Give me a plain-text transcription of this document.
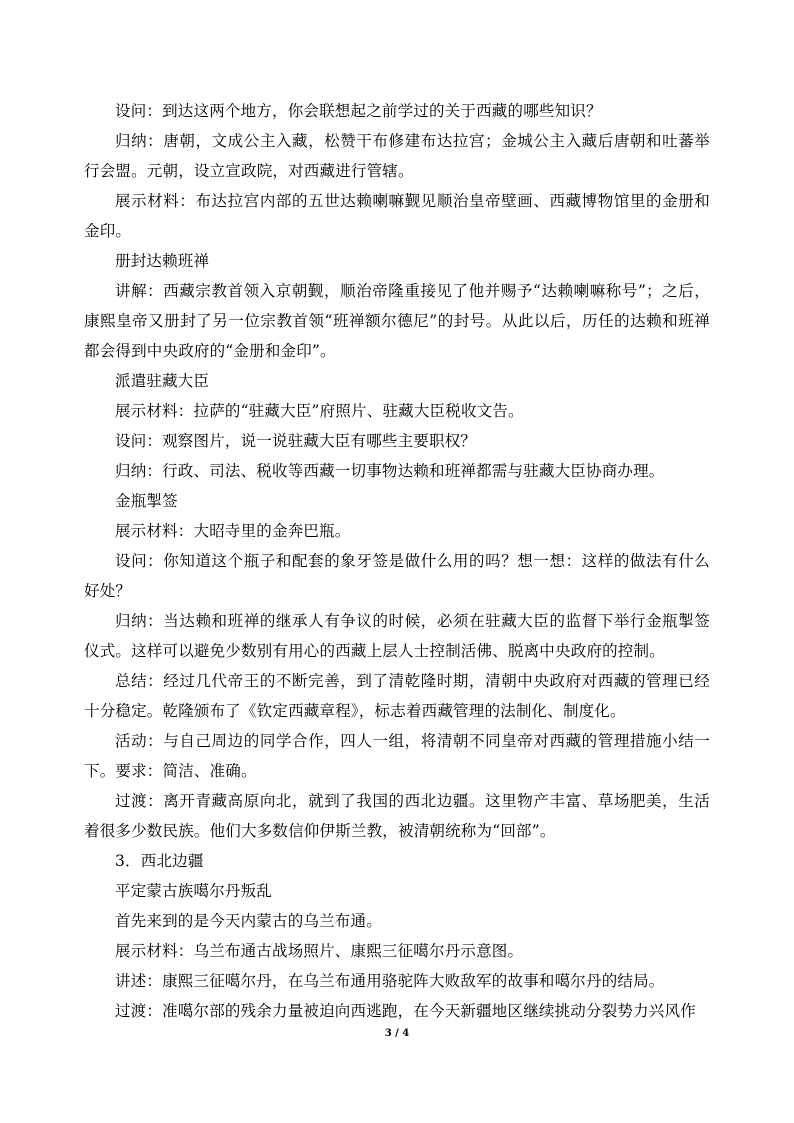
设问：到达这两个地方，你会联想起之前学过的关于西藏的哪些知识？

归纳：唐朝，文成公主入藏，松赞干布修建布达拉宫；金城公主入藏后唐朝和吐蕃举行会盟。元朝，设立宣政院，对西藏进行管辖。

展示材料：布达拉宫内部的五世达赖喇嘛觐见顺治皇帝壁画、西藏博物馆里的金册和金印。

册封达赖班禅

讲解：西藏宗教首领入京朝觐，顺治帝隆重接见了他并赐予“达赖喇嘛称号”；之后，康熙皇帝又册封了另一位宗教首领“班禅额尔德尼”的封号。从此以后，历任的达赖和班禅都会得到中央政府的“金册和金印”。

派遣驻藏大臣

展示材料：拉萨的“驻藏大臣”府照片、驻藏大臣税收文告。

设问：观察图片，说一说驻藏大臣有哪些主要职权？

归纳：行政、司法、税收等西藏一切事物达赖和班禅都需与驻藏大臣协商办理。

金瓶掣签

展示材料：大昭寺里的金奔巴瓶。

设问：你知道这个瓶子和配套的象牙签是做什么用的吗？想一想：这样的做法有什么好处？

归纳：当达赖和班禅的继承人有争议的时候，必须在驻藏大臣的监督下举行金瓶掣签仪式。这样可以避免少数别有用心的西藏上层人士控制活佛、脱离中央政府的控制。

总结：经过几代帝王的不断完善，到了清乾隆时期，清朝中央政府对西藏的管理已经十分稳定。乾隆颁布了《钦定西藏章程》，标志着西藏管理的法制化、制度化。

活动：与自己周边的同学合作，四人一组，将清朝不同皇帝对西藏的管理措施小结一下。要求：简洁、准确。

过渡：离开青藏高原向北，就到了我国的西北边疆。这里物产丰富、草场肥美，生活着很多少数民族。他们大多数信仰伊斯兰教，被清朝统称为“回部”。

3．西北边疆

平定蒙古族噶尔丹叛乱

首先来到的是今天内蒙古的乌兰布通。

展示材料：乌兰布通古战场照片、康熙三征噶尔丹示意图。

讲述：康熙三征噶尔丹，在乌兰布通用骆驼阵大败敌军的故事和噶尔丹的结局。

过渡：准噶尔部的残余力量被迫向西逃跑，在今天新疆地区继续挑动分裂势力兴风作

3 / 4
